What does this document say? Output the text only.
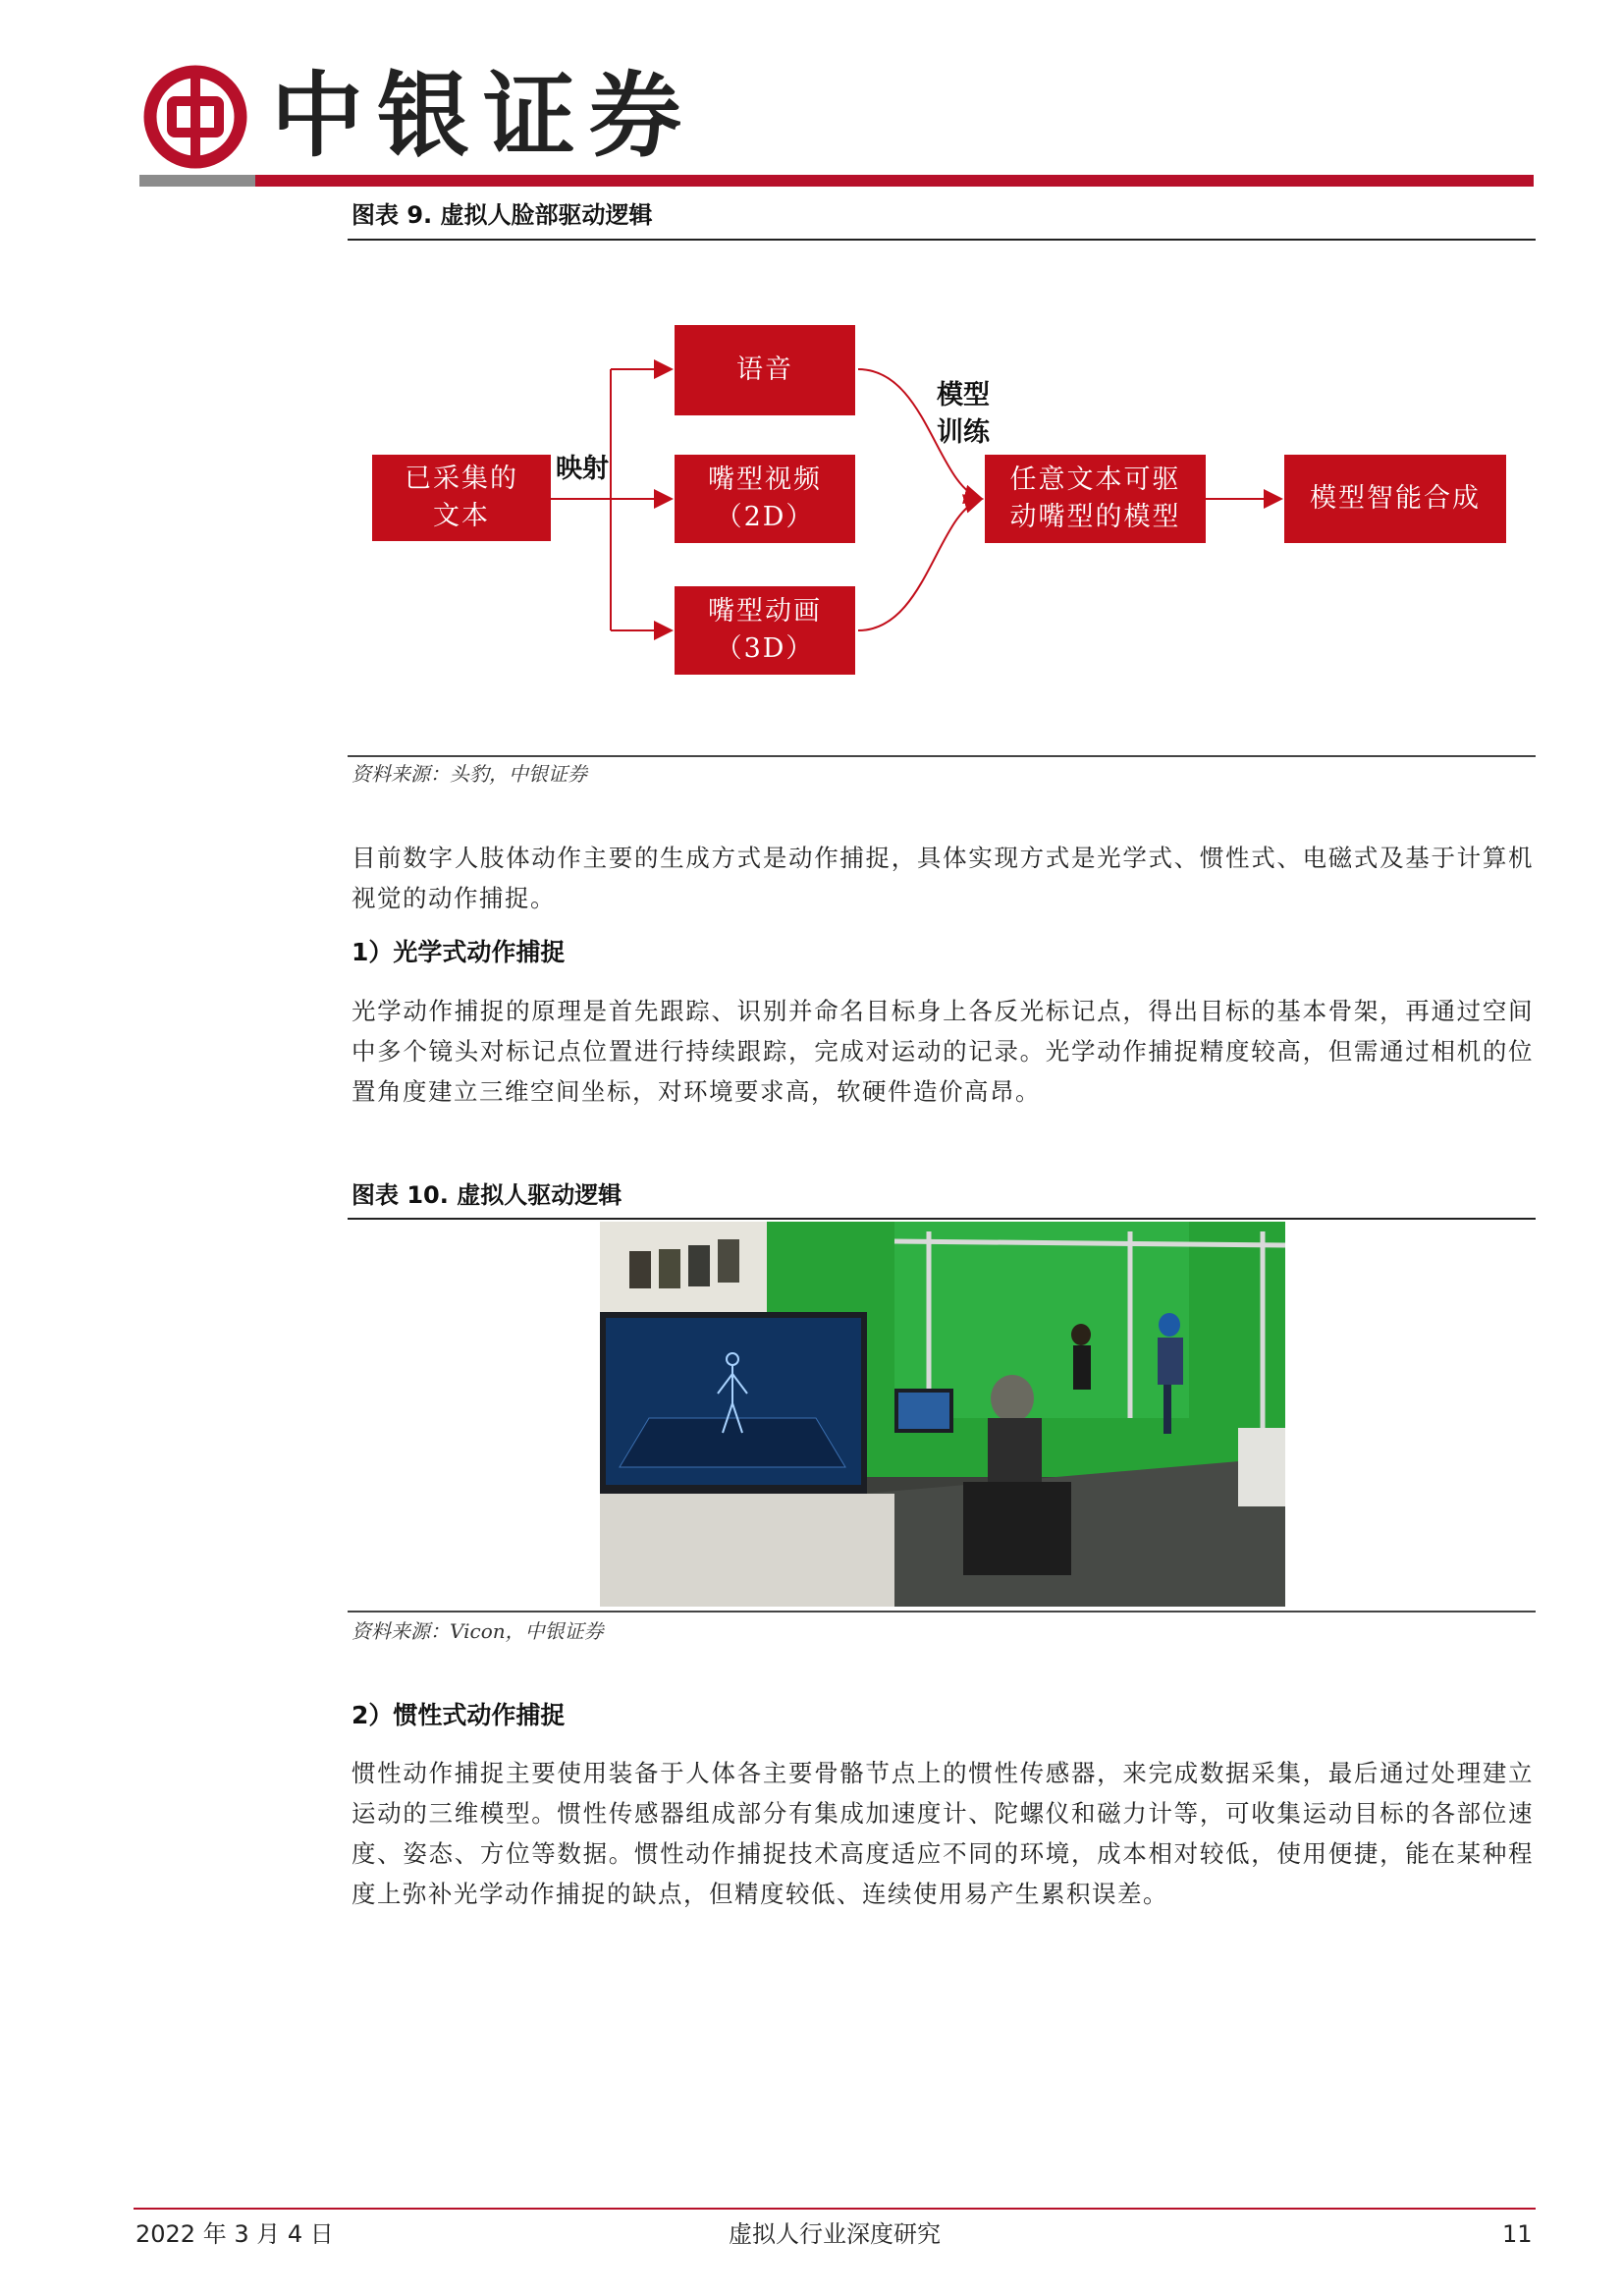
中银证券
图表 9. 虚拟人脸部驱动逻辑
已采集的
文本
语音
嘴型视频
（2D）
嘴型动画
（3D）
任意文本可驱
动嘴型的模型
模型智能合成
映射
模型
训练
资料来源：头豹，中银证券
目前数字人肢体动作主要的生成方式是动作捕捉，具体实现方式是光学式、惯性式、电磁式及基于计算机视觉的动作捕捉。
1）光学式动作捕捉
光学动作捕捉的原理是首先跟踪、识别并命名目标身上各反光标记点，得出目标的基本骨架，再通过空间中多个镜头对标记点位置进行持续跟踪，完成对运动的记录。光学动作捕捉精度较高，但需通过相机的位置角度建立三维空间坐标，对环境要求高，软硬件造价高昂。
图表 10. 虚拟人驱动逻辑
资料来源：Vicon，中银证券
2）惯性式动作捕捉
惯性动作捕捉主要使用装备于人体各主要骨骼节点上的惯性传感器，来完成数据采集，最后通过处理建立运动的三维模型。惯性传感器组成部分有集成加速度计、陀螺仪和磁力计等，可收集运动目标的各部位速度、姿态、方位等数据。惯性动作捕捉技术高度适应不同的环境，成本相对较低，使用便捷，能在某种程度上弥补光学动作捕捉的缺点，但精度较低、连续使用易产生累积误差。
2022 年 3 月 4 日	虚拟人行业深度研究	11
